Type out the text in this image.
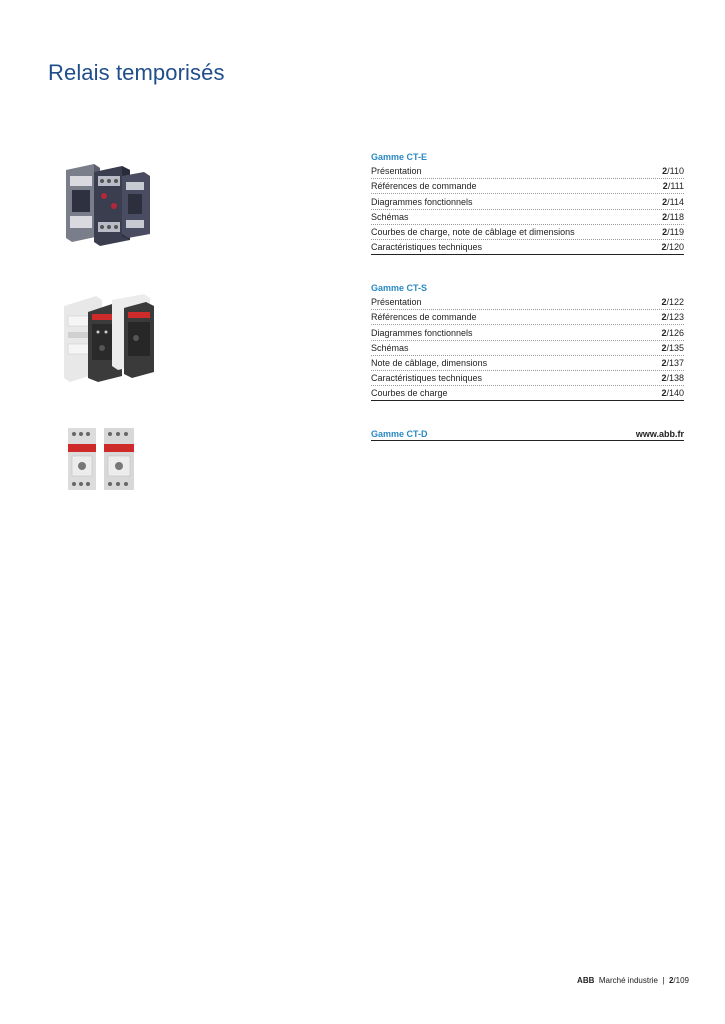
Relais temporisés
Gamme CT-E
Présentation	2/110
Références de commande	2/111
Diagrammes fonctionnels	2/114
Schémas	2/118
Courbes de charge, note de câblage et dimensions	2/119
Caractéristiques techniques	2/120
Gamme CT-S
Présentation	2/122
Références de commande	2/123
Diagrammes fonctionnels	2/126
Schémas	2/135
Note de câblage, dimensions	2/137
Caractéristiques techniques	2/138
Courbes de charge	2/140
Gamme CT-D	www.abb.fr
ABB Marché industrie | 2/109
